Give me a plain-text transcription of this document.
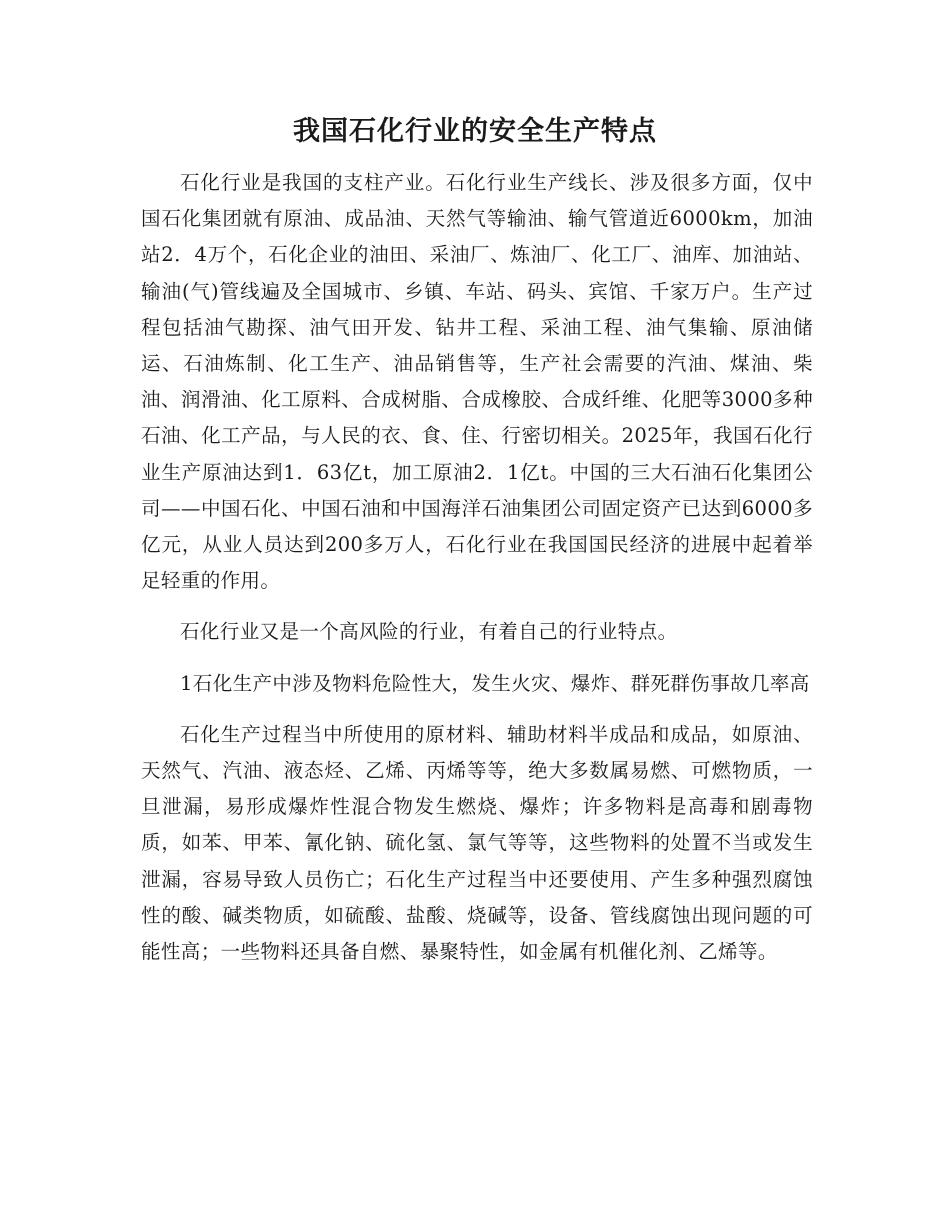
我国石化行业的安全生产特点

石化行业是我国的支柱产业。石化行业生产线长、涉及很多方面，仅中国石化集团就有原油、成品油、天然气等输油、输气管道近6000km，加油站2．4万个，石化企业的油田、采油厂、炼油厂、化工厂、油库、加油站、输油(气)管线遍及全国城市、乡镇、车站、码头、宾馆、千家万户。生产过程包括油气勘探、油气田开发、钻井工程、采油工程、油气集输、原油储运、石油炼制、化工生产、油品销售等，生产社会需要的汽油、煤油、柴油、润滑油、化工原料、合成树脂、合成橡胶、合成纤维、化肥等3000多种石油、化工产品，与人民的衣、食、住、行密切相关。2025年，我国石化行业生产原油达到1．63亿t，加工原油2．1亿t。中国的三大石油石化集团公司——中国石化、中国石油和中国海洋石油集团公司固定资产已达到6000多亿元，从业人员达到200多万人，石化行业在我国国民经济的进展中起着举足轻重的作用。

石化行业又是一个高风险的行业，有着自己的行业特点。

1石化生产中涉及物料危险性大，发生火灾、爆炸、群死群伤事故几率高

石化生产过程当中所使用的原材料、辅助材料半成品和成品，如原油、天然气、汽油、液态烃、乙烯、丙烯等等，绝大多数属易燃、可燃物质，一旦泄漏，易形成爆炸性混合物发生燃烧、爆炸；许多物料是高毒和剧毒物质，如苯、甲苯、氰化钠、硫化氢、氯气等等，这些物料的处置不当或发生泄漏，容易导致人员伤亡；石化生产过程当中还要使用、产生多种强烈腐蚀性的酸、碱类物质，如硫酸、盐酸、烧碱等，设备、管线腐蚀出现问题的可能性高；一些物料还具备自燃、暴聚特性，如金属有机催化剂、乙烯等。
